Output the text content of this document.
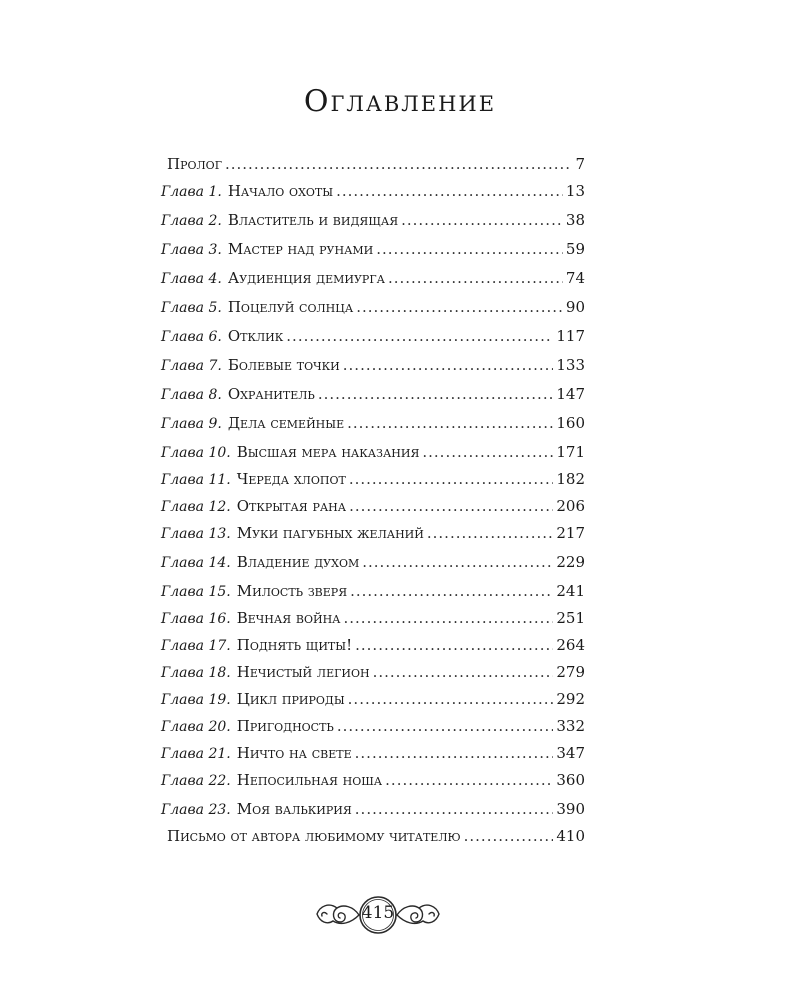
Оглавление
Пролог .....	7
Глава 1. Начало охоты .....	13
Глава 2. Властитель и видящая .....	38
Глава 3. Мастер над рунами .....	59
Глава 4. Аудиенция демиурга .....	74
Глава 5. Поцелуй солнца .....	90
Глава 6. Отклик .....	117
Глава 7. Болевые точки .....	133
Глава 8. Охранитель .....	147
Глава 9. Дела семейные .....	160
Глава 10. Высшая мера наказания .....	171
Глава 11. Череда хлопот .....	182
Глава 12. Открытая рана .....	206
Глава 13. Муки пагубных желаний .....	217
Глава 14. Владение духом .....	229
Глава 15. Милость зверя .....	241
Глава 16. Вечная война .....	251
Глава 17. Поднять щиты! .....	264
Глава 18. Нечистый легион .....	279
Глава 19. Цикл природы .....	292
Глава 20. Пригодность .....	332
Глава 21. Ничто на свете .....	347
Глава 22. Непосильная ноша .....	360
Глава 23. Моя валькирия .....	390
Письмо от автора любимому читателю .....	410
415
